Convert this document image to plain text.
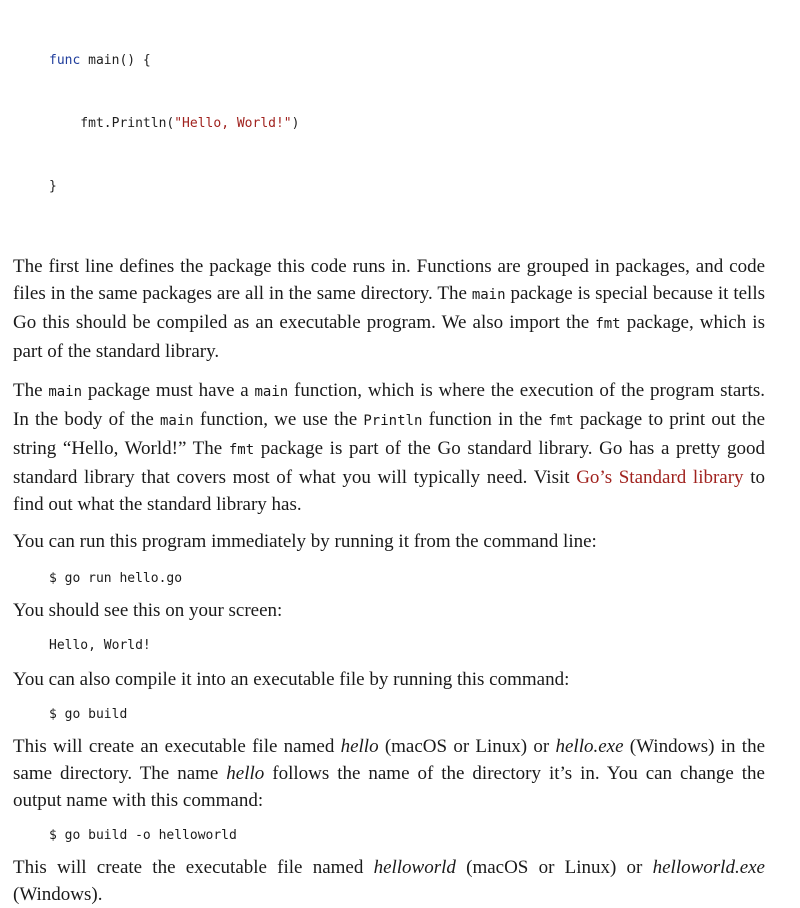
func main() {

fmt.Println("Hello, World!")

}

The first line defines the package this code runs in. Functions are grouped in packages, and code files in the same packages are all in the same directory. The main package is special because it tells Go this should be compiled as an executable program. We also import the fmt package, which is part of the standard library.

The main package must have a main function, which is where the execution of the program starts. In the body of the main function, we use the Println function in the fmt package to print out the string “Hello, World!” The fmt package is part of the Go standard library. Go has a pretty good standard library that covers most of what you will typically need. Visit Go’s Standard library to find out what the standard library has.

You can run this program immediately by running it from the command line:

$ go run hello.go

You should see this on your screen:

Hello, World!

You can also compile it into an executable file by running this command:

$ go build

This will create an executable file named hello (macOS or Linux) or hello.exe (Windows) in the same directory. The name hello follows the name of the directory it’s in. You can change the output name with this command:

$ go build -o helloworld

This will create the executable file named helloworld (macOS or Linux) or helloworld.exe (Windows).
